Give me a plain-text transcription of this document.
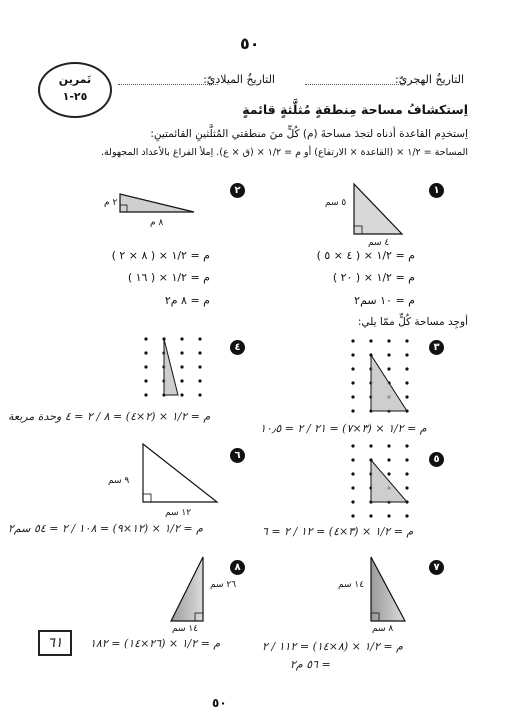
٥٠
التاريخُ الهجريّ:
التاريخُ الميلاديّ:
تَمرين
٢٥-١
اِستكشافُ مساحة مِنطقةٍ مُثلَّثةٍ قائمةٍ
اِستخدِم القاعدة أدناه لتجدَ مساحةَ (م) كُلٍّ منَ منطقتي المُثلَّثينِ القائمتينِ:
المساحة = ١/٢ × (القاعدة × الارتفاع) أو م = ١/٢ × (ق × ع). اِملأ الفراغ بالأعداد المجهولة.
١
٥ سم
٤ سم
م = ١/٢ × ( ٤ × ٥ )
م = ١/٢ × ( ٢٠ )
م = ١٠ سم٢
٢
٢ م
٨ م
م = ١/٢ × ( ٨ × ٢ )
م = ١/٢ × ( ١٦ )
م = ٨ م٢
أوجِد مساحة كُلٍّ ممّا يلي:
٣
٤
م = ١/٢ × (٣×٧) = ٢١ / ٢ = ١٠٫٥
م = ١/٢ × (٢×٤) = ٨ / ٢ = ٤ وحدة مربعة
٥
٦
٩ سم
١٢ سم
م = ١/٢ × (٣×٤) = ١٢ / ٢ = ٦
م = ١/٢ × (١٢×٩) = ١٠٨ / ٢ = ٥٤ سم٢
٧
١٤ سم
٨ سم
٨
٢٦ سم
١٤ سم
م = ١/٢ × (٨×١٤) = ١١٢ / ٢
= ٥٦ م٢
م = ١/٢ × (٢٦×١٤) = ١٨٢
٦١
٥٠
